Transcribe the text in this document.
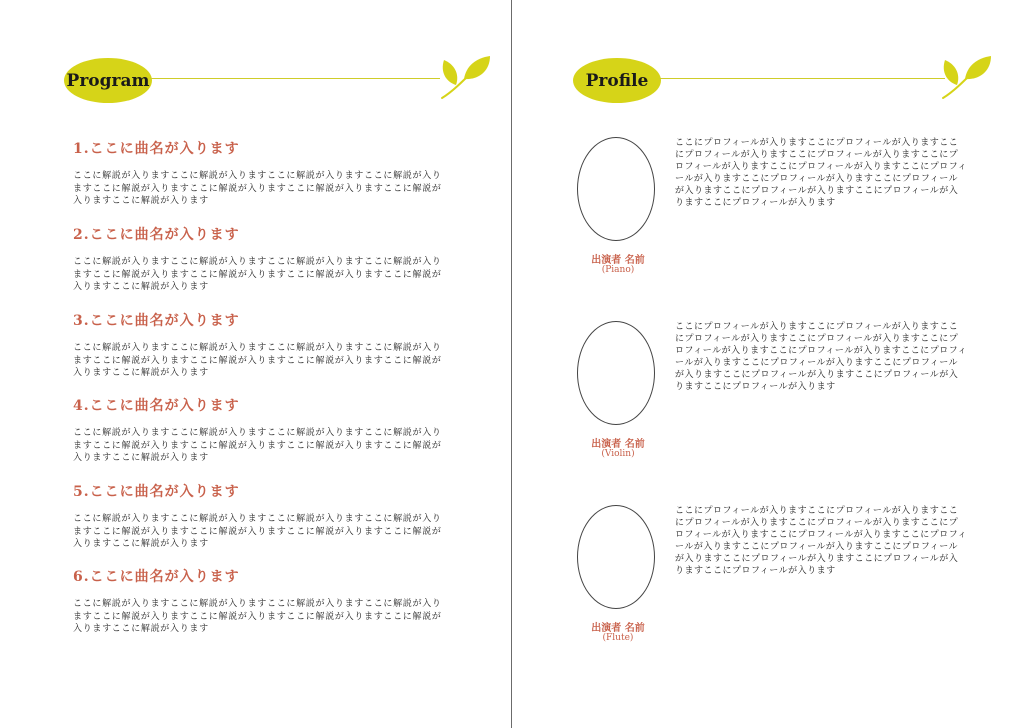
Program
1.ここに曲名が入ります
ここに解説が入りますここに解説が入りますここに解説が入りますここに解説が入りますここに解説が入りますここに解説が入りますここに解説が入りますここに解説が入りますここに解説が入ります
2.ここに曲名が入ります
ここに解説が入りますここに解説が入りますここに解説が入りますここに解説が入りますここに解説が入りますここに解説が入りますここに解説が入りますここに解説が入りますここに解説が入ります
3.ここに曲名が入ります
ここに解説が入りますここに解説が入りますここに解説が入りますここに解説が入りますここに解説が入りますここに解説が入りますここに解説が入りますここに解説が入りますここに解説が入ります
4.ここに曲名が入ります
ここに解説が入りますここに解説が入りますここに解説が入りますここに解説が入りますここに解説が入りますここに解説が入りますここに解説が入りますここに解説が入りますここに解説が入ります
5.ここに曲名が入ります
ここに解説が入りますここに解説が入りますここに解説が入りますここに解説が入りますここに解説が入りますここに解説が入りますここに解説が入りますここに解説が入りますここに解説が入ります
6.ここに曲名が入ります
ここに解説が入りますここに解説が入りますここに解説が入りますここに解説が入りますここに解説が入りますここに解説が入りますここに解説が入りますここに解説が入りますここに解説が入ります
Profile
出演者 名前
(Piano)
ここにプロフィールが入りますここにプロフィールが入りますここにプロフィールが入りますここにプロフィールが入りますここにプロフィールが入りますここにプロフィールが入りますここにプロフィールが入りますここにプロフィールが入りますここにプロフィールが入りますここにプロフィールが入りますここにプロフィールが入りますここにプロフィールが入ります
出演者 名前
(Violin)
ここにプロフィールが入りますここにプロフィールが入りますここにプロフィールが入りますここにプロフィールが入りますここにプロフィールが入りますここにプロフィールが入りますここにプロフィールが入りますここにプロフィールが入りますここにプロフィールが入りますここにプロフィールが入りますここにプロフィールが入りますここにプロフィールが入ります
出演者 名前
(Flute)
ここにプロフィールが入りますここにプロフィールが入りますここにプロフィールが入りますここにプロフィールが入りますここにプロフィールが入りますここにプロフィールが入りますここにプロフィールが入りますここにプロフィールが入りますここにプロフィールが入りますここにプロフィールが入りますここにプロフィールが入りますここにプロフィールが入ります
